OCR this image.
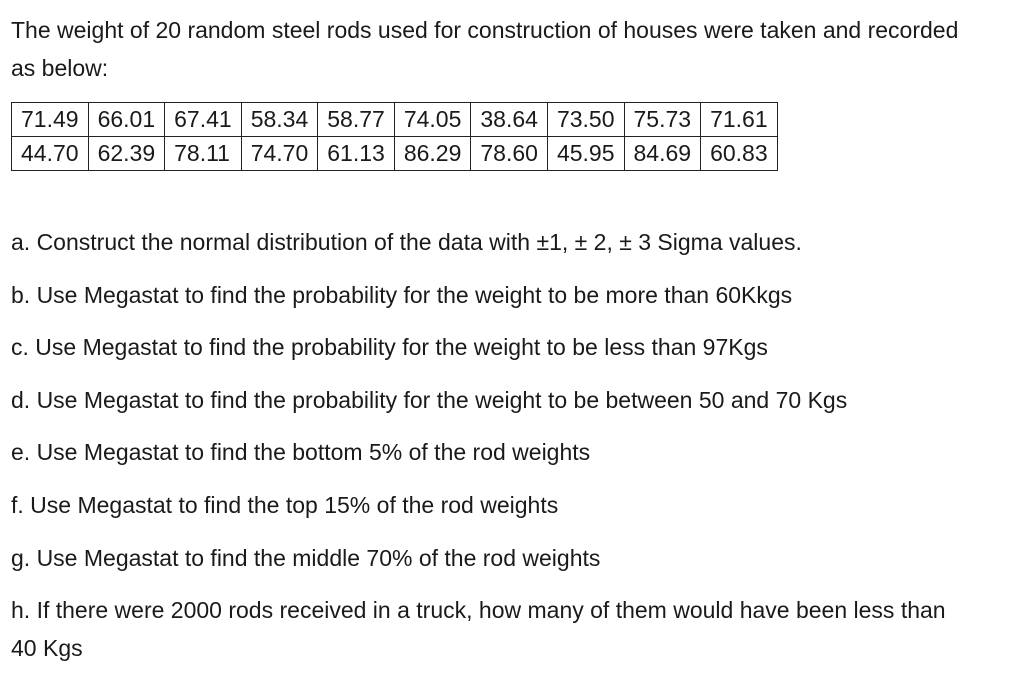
The weight of 20 random steel rods used for construction of houses were taken and recorded as below:

71.49	66.01	67.41	58.34	58.77	74.05	38.64	73.50	75.73	71.61
44.70	62.39	78.11	74.70	61.13	86.29	78.60	45.95	84.69	60.83
a. Construct the normal distribution of the data with ±1, ± 2, ± 3 Sigma values.
b. Use Megastat to find the probability for the weight to be more than 60Kkgs
c. Use Megastat to find the probability for the weight to be less than 97Kgs
d. Use Megastat to find the probability for the weight to be between 50 and 70 Kgs
e. Use Megastat to find the bottom 5% of the rod weights
f. Use Megastat to find the top 15% of the rod weights
g. Use Megastat to find the middle 70% of the rod weights
h. If there were 2000 rods received in a truck, how many of them would have been less than 40 Kgs
